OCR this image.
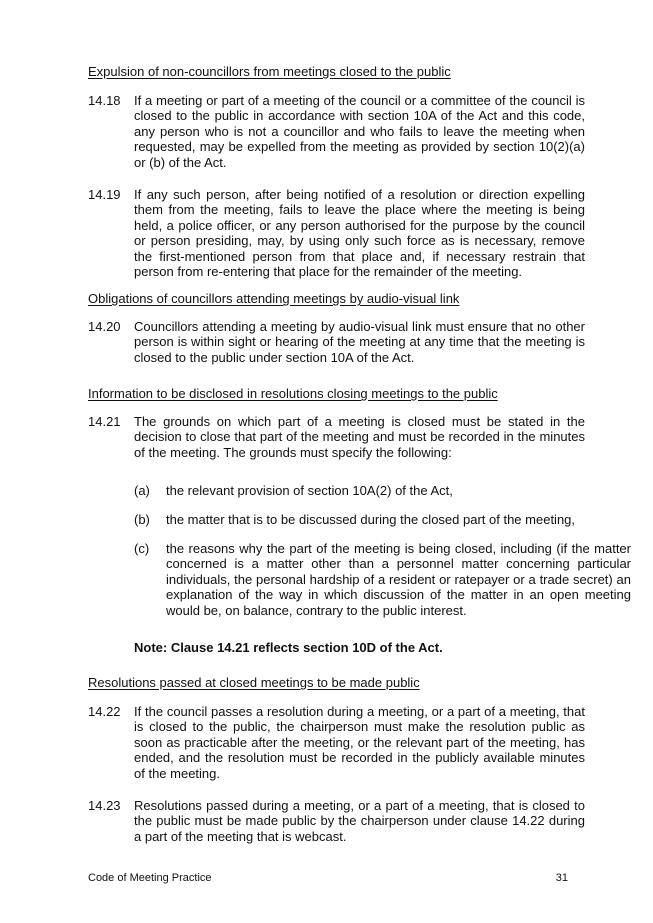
Expulsion of non-councillors from meetings closed to the public
14.18	If a meeting or part of a meeting of the council or a committee of the council is closed to the public in accordance with section 10A of the Act and this code, any person who is not a councillor and who fails to leave the meeting when requested, may be expelled from the meeting as provided by section 10(2)(a) or (b) of the Act.
14.19	If any such person, after being notified of a resolution or direction expelling them from the meeting, fails to leave the place where the meeting is being held, a police officer, or any person authorised for the purpose by the council or person presiding, may, by using only such force as is necessary, remove the first-mentioned person from that place and, if necessary restrain that person from re-entering that place for the remainder of the meeting.
Obligations of councillors attending meetings by audio-visual link
14.20	Councillors attending a meeting by audio-visual link must ensure that no other person is within sight or hearing of the meeting at any time that the meeting is closed to the public under section 10A of the Act.
Information to be disclosed in resolutions closing meetings to the public
14.21	The grounds on which part of a meeting is closed must be stated in the decision to close that part of the meeting and must be recorded in the minutes of the meeting. The grounds must specify the following:
(a)	the relevant provision of section 10A(2) of the Act,
(b)	the matter that is to be discussed during the closed part of the meeting,
(c)	the reasons why the part of the meeting is being closed, including (if the matter concerned is a matter other than a personnel matter concerning particular individuals, the personal hardship of a resident or ratepayer or a trade secret) an explanation of the way in which discussion of the matter in an open meeting would be, on balance, contrary to the public interest.
Note: Clause 14.21 reflects section 10D of the Act.
Resolutions passed at closed meetings to be made public
14.22	If the council passes a resolution during a meeting, or a part of a meeting, that is closed to the public, the chairperson must make the resolution public as soon as practicable after the meeting, or the relevant part of the meeting, has ended, and the resolution must be recorded in the publicly available minutes of the meeting.
14.23	Resolutions passed during a meeting, or a part of a meeting, that is closed to the public must be made public by the chairperson under clause 14.22 during a part of the meeting that is webcast.
Code of Meeting Practice	31
